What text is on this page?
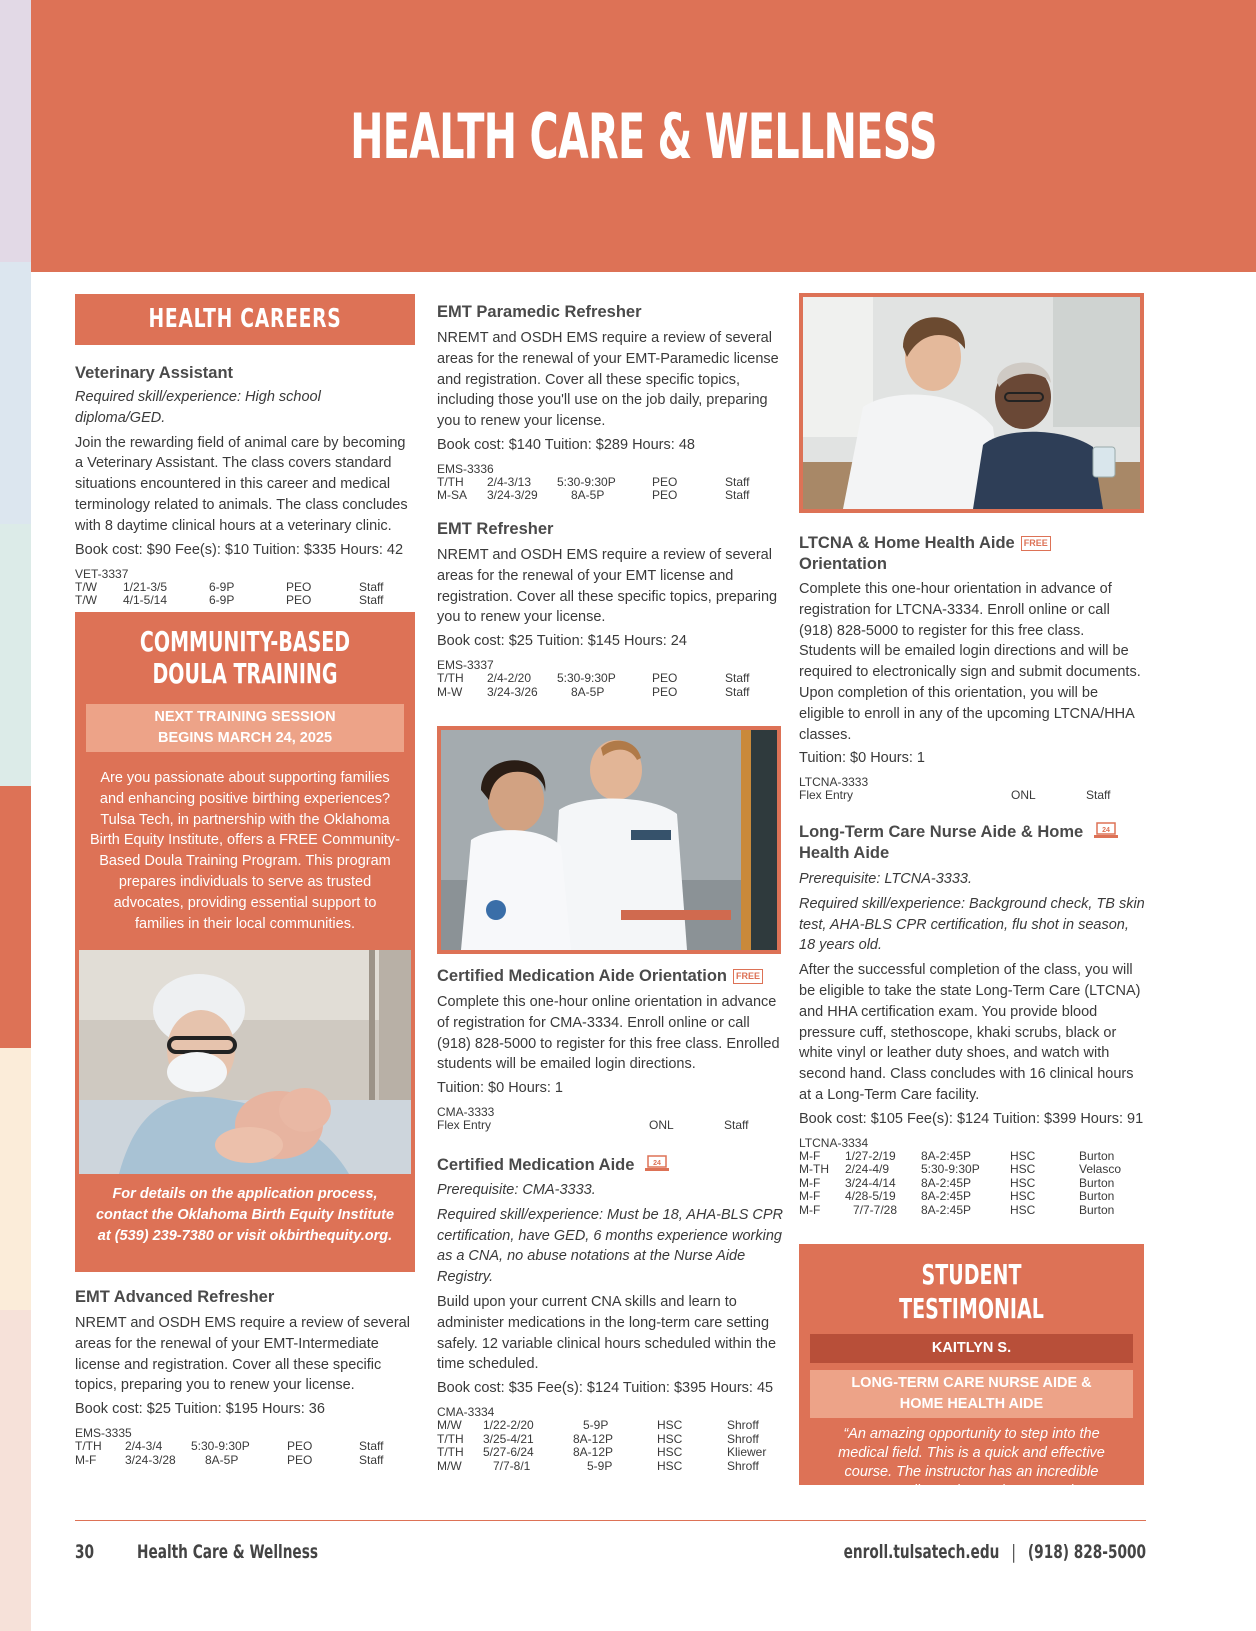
HEALTH CARE & WELLNESS
HEALTH CAREERS
Veterinary Assistant
Required skill/experience: High school diploma/GED.
Join the rewarding field of animal care by becoming a Veterinary Assistant. The class covers standard situations encountered in this career and medical terminology related to animals. The class concludes with 8 daytime clinical hours at a veterinary clinic.
Book cost: $90 Fee(s): $10 Tuition: $335 Hours: 42
VET-3337
T/W	1/21-3/5	6-9P	PEO	Staff
T/W	4/1-5/14	6-9P	PEO	Staff
COMMUNITY-BASED
DOULA TRAINING
NEXT TRAINING SESSION
BEGINS MARCH 24, 2025
Are you passionate about supporting families and enhancing positive birthing experiences? Tulsa Tech, in partnership with the Oklahoma Birth Equity Institute, offers a FREE Community-Based Doula Training Program. This program prepares individuals to serve as trusted advocates, providing essential support to families in their local communities.
For details on the application process, contact the Oklahoma Birth Equity Institute at (539) 239-7380 or visit okbirthequity.org.
EMT Advanced Refresher
NREMT and OSDH EMS require a review of several areas for the renewal of your EMT-Intermediate license and registration. Cover all these specific topics, preparing you to renew your license.
Book cost: $25 Tuition: $195 Hours: 36
EMS-3335
T/TH	2/4-3/4	5:30-9:30P	PEO	Staff
M-F	3/24-3/28	8A-5P	PEO	Staff
EMT Paramedic Refresher
NREMT and OSDH EMS require a review of several areas for the renewal of your EMT-Paramedic license and registration. Cover all these specific topics, including those you'll use on the job daily, preparing you to renew your license.
Book cost: $140 Tuition: $289 Hours: 48
EMS-3336
T/TH	2/4-3/13	5:30-9:30P	PEO	Staff
M-SA	3/24-3/29	8A-5P	PEO	Staff
EMT Refresher
NREMT and OSDH EMS require a review of several areas for the renewal of your EMT license and registration. Cover all these specific topics, preparing you to renew your license.
Book cost: $25 Tuition: $145 Hours: 24
EMS-3337
T/TH	2/4-2/20	5:30-9:30P	PEO	Staff
M-W	3/24-3/26	8A-5P	PEO	Staff
Certified Medication Aide Orientation FREE
Complete this one-hour online orientation in advance of registration for CMA-3334. Enroll online or call (918) 828-5000 to register for this free class. Enrolled students will be emailed login directions.
Tuition: $0 Hours: 1
CMA-3333
Flex Entry	ONL	Staff
Certified Medication Aide	24
Prerequisite: CMA-3333.
Required skill/experience: Must be 18, AHA-BLS CPR certification, have GED, 6 months experience working as a CNA, no abuse notations at the Nurse Aide Registry.
Build upon your current CNA skills and learn to administer medications in the long-term care setting safely. 12 variable clinical hours scheduled within the time scheduled.
Book cost: $35 Fee(s): $124 Tuition: $395 Hours: 45
CMA-3334
M/W	1/22-2/20	5-9P	HSC	Shroff
T/TH	3/25-4/21	8A-12P	HSC	Shroff
T/TH	5/27-6/24	8A-12P	HSC	Kliewer
M/W	7/7-8/1	5-9P	HSC	Shroff
LTCNA & Home Health Aide FREE
Orientation
Complete this one-hour orientation in advance of registration for LTCNA-3334. Enroll online or call (918) 828-5000 to register for this free class. Students will be emailed login directions and will be required to electronically sign and submit documents. Upon completion of this orientation, you will be eligible to enroll in any of the upcoming LTCNA/HHA classes.
Tuition: $0 Hours: 1
LTCNA-3333
Flex Entry	ONL	Staff
Long-Term Care Nurse Aide & Home	24

Health Aide
Prerequisite: LTCNA-3333.
Required skill/experience: Background check, TB skin test, AHA-BLS CPR certification, flu shot in season, 18 years old.
After the successful completion of the class, you will be eligible to take the state Long-Term Care (LTCNA) and HHA certification exam. You provide blood pressure cuff, stethoscope, khaki scrubs, black or white vinyl or leather duty shoes, and watch with second hand. Class concludes with 16 clinical hours at a Long-Term Care facility.
Book cost: $105 Fee(s): $124 Tuition: $399 Hours: 91
LTCNA-3334
M-F	1/27-2/19	8A-2:45P	HSC	Burton
M-TH	2/24-4/9	5:30-9:30P	HSC	Velasco
M-F	3/24-4/14	8A-2:45P	HSC	Burton
M-F	4/28-5/19	8A-2:45P	HSC	Burton
M-F	7/7-7/28	8A-2:45P	HSC	Burton
STUDENT TESTIMONIAL
KAITLYN S.
LONG-TERM CARE NURSE AIDE &
HOME HEALTH AIDE
“An amazing opportunity to step into the medical field. This is a quick and effective course. The instructor has an incredible personality and was phenomenal.”
30 Health Care & Wellness	enroll.tulsatech.edu | (918) 828-5000
